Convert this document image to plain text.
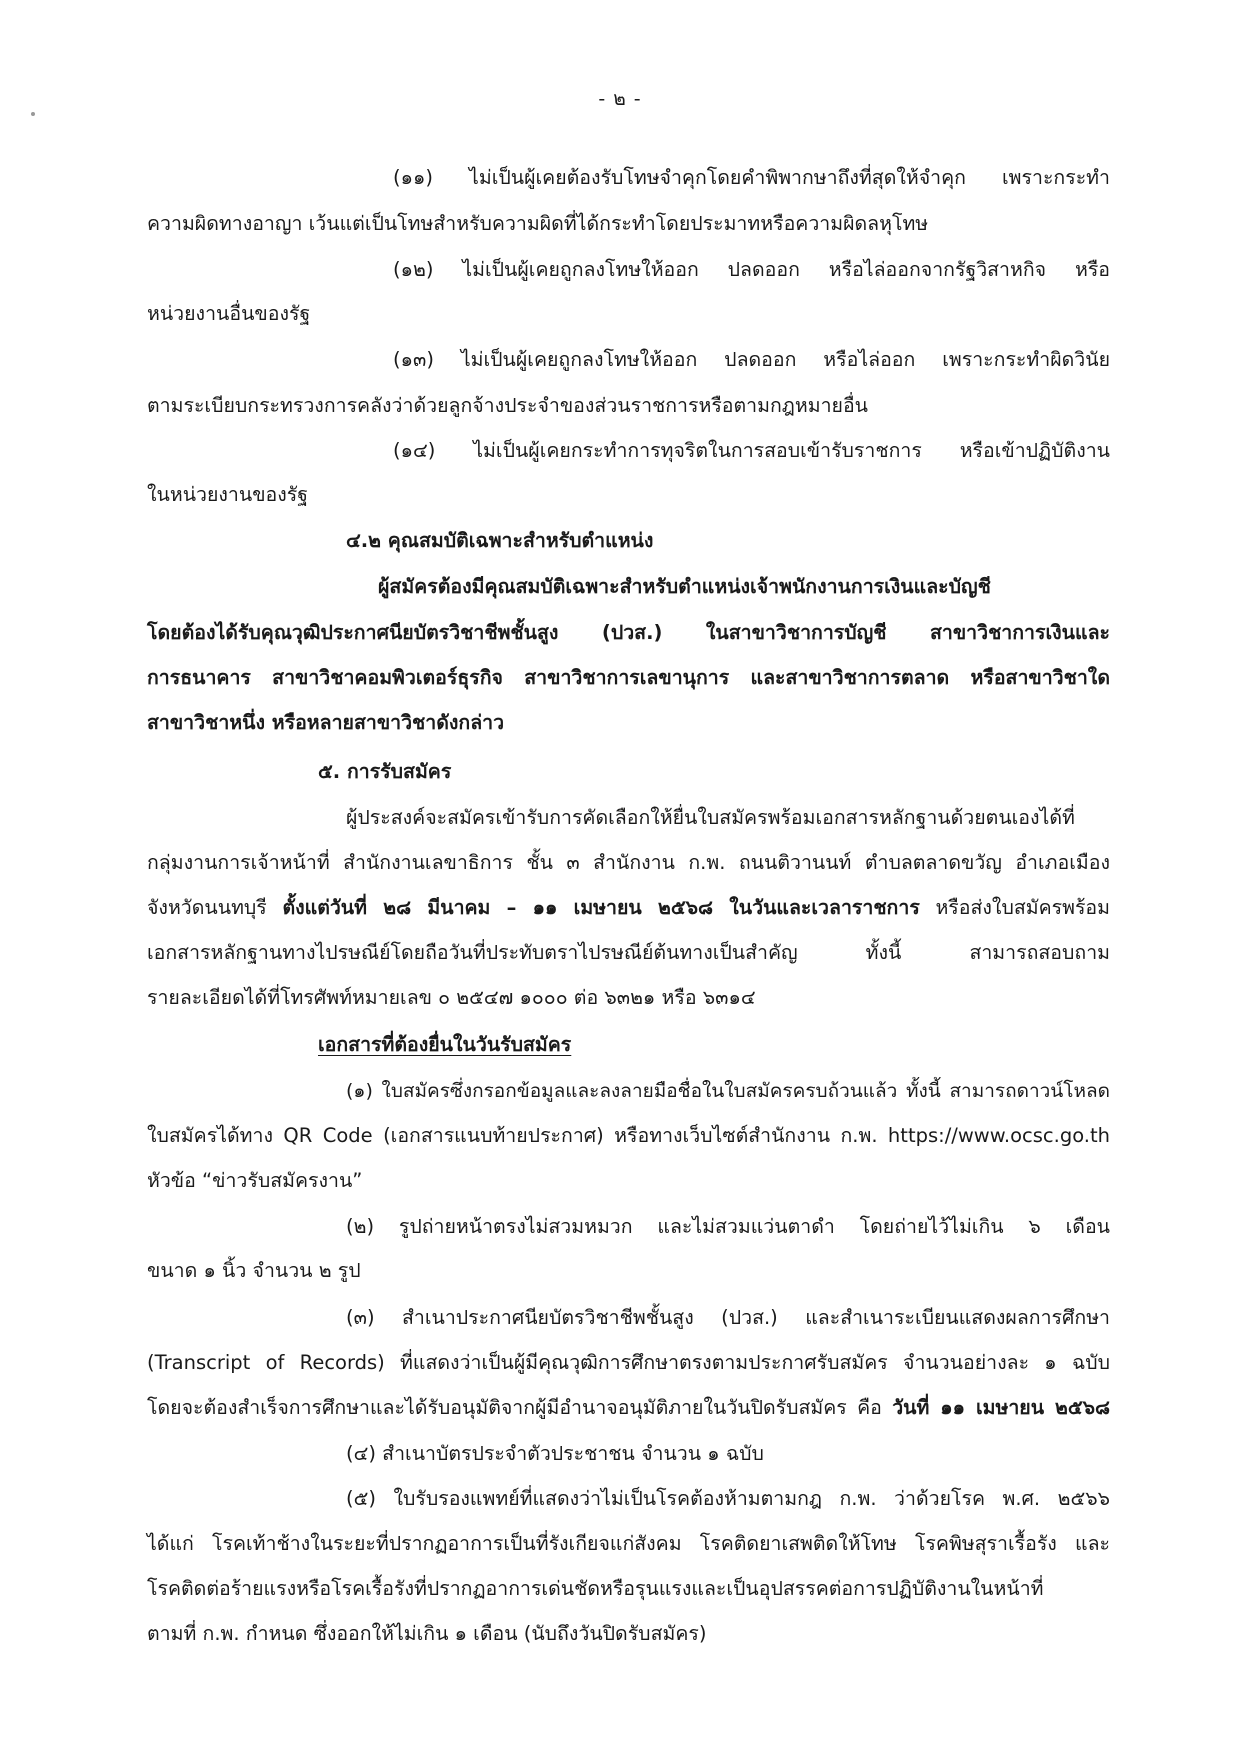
- ๒ -
(๑๑) ไม่เป็นผู้เคยต้องรับโทษจำคุกโดยคำพิพากษาถึงที่สุดให้จำคุก เพราะกระทำ
ความผิดทางอาญา เว้นแต่เป็นโทษสำหรับความผิดที่ได้กระทำโดยประมาทหรือความผิดลหุโทษ
(๑๒) ไม่เป็นผู้เคยถูกลงโทษให้ออก ปลดออก หรือไล่ออกจากรัฐวิสาหกิจ หรือ
หน่วยงานอื่นของรัฐ
(๑๓) ไม่เป็นผู้เคยถูกลงโทษให้ออก ปลดออก หรือไล่ออก เพราะกระทำผิดวินัย
ตามระเบียบกระทรวงการคลังว่าด้วยลูกจ้างประจำของส่วนราชการหรือตามกฎหมายอื่น
(๑๔) ไม่เป็นผู้เคยกระทำการทุจริตในการสอบเข้ารับราชการ หรือเข้าปฏิบัติงาน
ในหน่วยงานของรัฐ
๔.๒ คุณสมบัติเฉพาะสำหรับตำแหน่ง
ผู้สมัครต้องมีคุณสมบัติเฉพาะสำหรับตำแหน่งเจ้าพนักงานการเงินและบัญชี
โดยต้องได้รับคุณวุฒิประกาศนียบัตรวิชาชีพชั้นสูง (ปวส.) ในสาขาวิชาการบัญชี สาขาวิชาการเงินและ
การธนาคาร สาขาวิชาคอมพิวเตอร์ธุรกิจ สาขาวิชาการเลขานุการ และสาขาวิชาการตลาด หรือสาขาวิชาใด
สาขาวิชาหนึ่ง หรือหลายสาขาวิชาดังกล่าว
๕. การรับสมัคร
ผู้ประสงค์จะสมัครเข้ารับการคัดเลือกให้ยื่นใบสมัครพร้อมเอกสารหลักฐานด้วยตนเองได้ที่
กลุ่มงานการเจ้าหน้าที่ สำนักงานเลขาธิการ ชั้น ๓ สำนักงาน ก.พ. ถนนติวานนท์ ตำบลตลาดขวัญ อำเภอเมือง
จังหวัดนนทบุรี ตั้งแต่วันที่ ๒๘ มีนาคม – ๑๑ เมษายน ๒๕๖๘ ในวันและเวลาราชการ หรือส่งใบสมัครพร้อม
เอกสารหลักฐานทางไปรษณีย์โดยถือวันที่ประทับตราไปรษณีย์ต้นทางเป็นสำคัญ ทั้งนี้ สามารถสอบถาม
รายละเอียดได้ที่โทรศัพท์หมายเลข ๐ ๒๕๔๗ ๑๐๐๐ ต่อ ๖๓๒๑ หรือ ๖๓๑๔
เอกสารที่ต้องยื่นในวันรับสมัคร
(๑) ใบสมัครซึ่งกรอกข้อมูลและลงลายมือชื่อในใบสมัครครบถ้วนแล้ว ทั้งนี้ สามารถดาวน์โหลด
ใบสมัครได้ทาง QR Code (เอกสารแนบท้ายประกาศ) หรือทางเว็บไซต์สำนักงาน ก.พ. https://www.ocsc.go.th
หัวข้อ “ข่าวรับสมัครงาน”
(๒) รูปถ่ายหน้าตรงไม่สวมหมวก และไม่สวมแว่นตาดำ โดยถ่ายไว้ไม่เกิน ๖ เดือน
ขนาด ๑ นิ้ว จำนวน ๒ รูป
(๓) สำเนาประกาศนียบัตรวิชาชีพชั้นสูง (ปวส.) และสำเนาระเบียนแสดงผลการศึกษา
(Transcript of Records) ที่แสดงว่าเป็นผู้มีคุณวุฒิการศึกษาตรงตามประกาศรับสมัคร จำนวนอย่างละ ๑ ฉบับ
โดยจะต้องสำเร็จการศึกษาและได้รับอนุมัติจากผู้มีอำนาจอนุมัติภายในวันปิดรับสมัคร คือ วันที่ ๑๑ เมษายน ๒๕๖๘
(๔) สำเนาบัตรประจำตัวประชาชน จำนวน ๑ ฉบับ
(๕) ใบรับรองแพทย์ที่แสดงว่าไม่เป็นโรคต้องห้ามตามกฎ ก.พ. ว่าด้วยโรค พ.ศ. ๒๕๖๖
ได้แก่ โรคเท้าช้างในระยะที่ปรากฏอาการเป็นที่รังเกียจแก่สังคม โรคติดยาเสพติดให้โทษ โรคพิษสุราเรื้อรัง และ
โรคติดต่อร้ายแรงหรือโรคเรื้อรังที่ปรากฏอาการเด่นชัดหรือรุนแรงและเป็นอุปสรรคต่อการปฏิบัติงานในหน้าที่
ตามที่ ก.พ. กำหนด ซึ่งออกให้ไม่เกิน ๑ เดือน (นับถึงวันปิดรับสมัคร)
